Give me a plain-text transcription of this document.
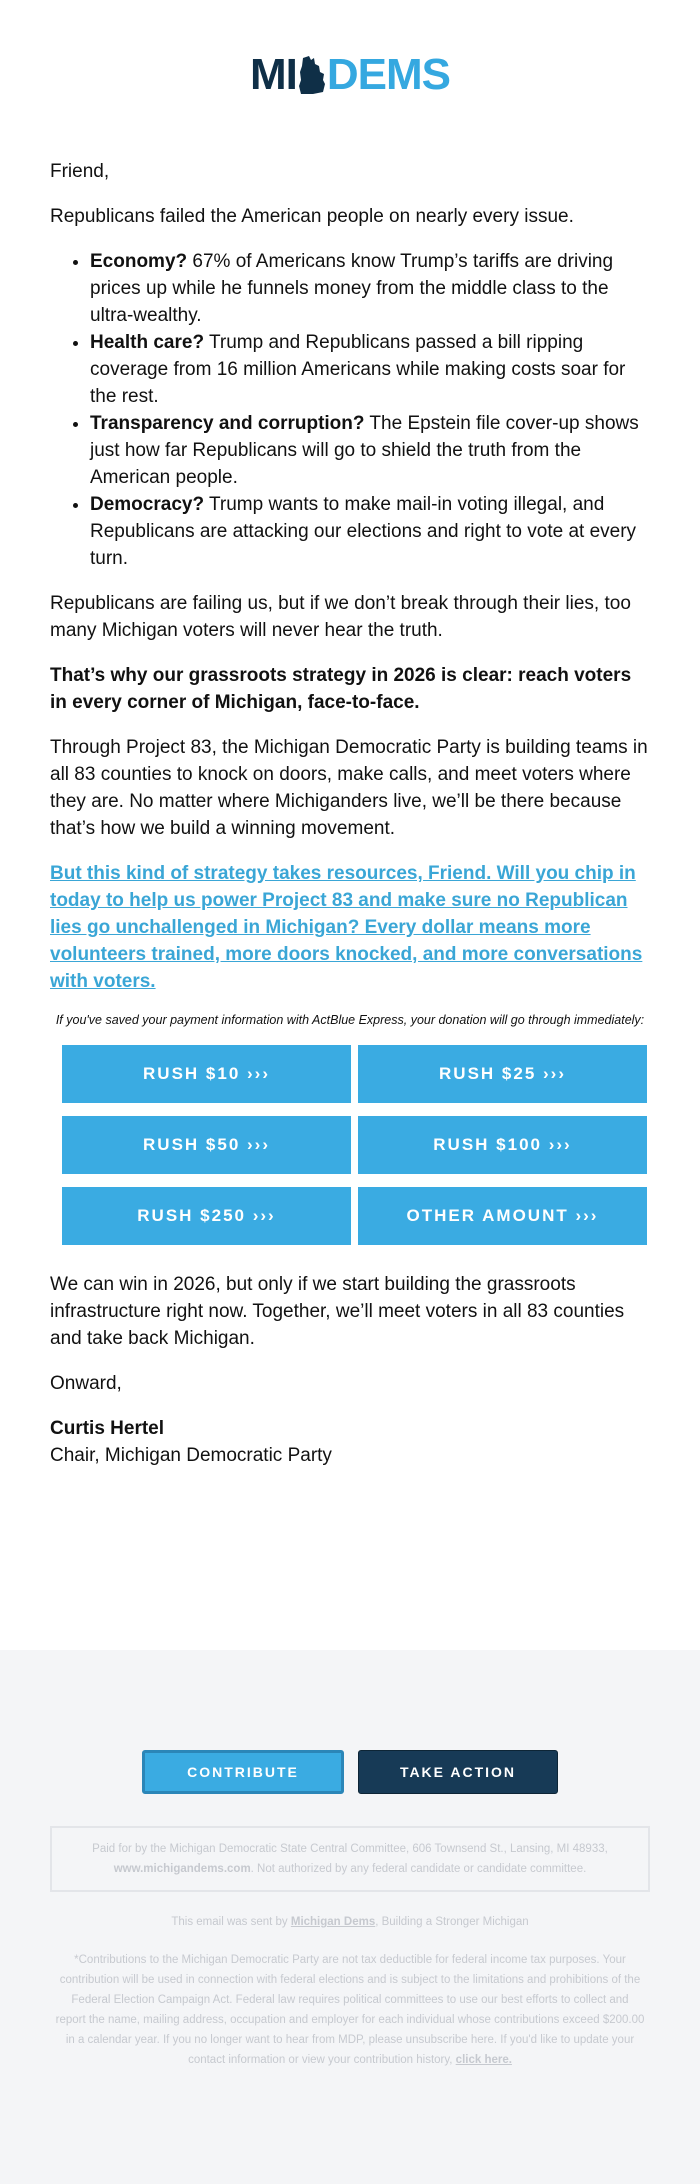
MI DEMS

Friend,

Republicans failed the American people on nearly every issue.

• Economy? 67% of Americans know Trump’s tariffs are driving prices up while he funnels money from the middle class to the ultra-wealthy.
• Health care? Trump and Republicans passed a bill ripping coverage from 16 million Americans while making costs soar for the rest.
• Transparency and corruption? The Epstein file cover-up shows just how far Republicans will go to shield the truth from the American people.
• Democracy? Trump wants to make mail-in voting illegal, and Republicans are attacking our elections and right to vote at every turn.

Republicans are failing us, but if we don’t break through their lies, too many Michigan voters will never hear the truth.

That’s why our grassroots strategy in 2026 is clear: reach voters in every corner of Michigan, face-to-face.

Through Project 83, the Michigan Democratic Party is building teams in all 83 counties to knock on doors, make calls, and meet voters where they are. No matter where Michiganders live, we’ll be there because that’s how we build a winning movement.

But this kind of strategy takes resources, Friend. Will you chip in today to help us power Project 83 and make sure no Republican lies go unchallenged in Michigan? Every dollar means more volunteers trained, more doors knocked, and more conversations with voters.

If you've saved your payment information with ActBlue Express, your donation will go through immediately:

RUSH $10 ›››	RUSH $25 ›››
RUSH $50 ›››	RUSH $100 ›››
RUSH $250 ›››	OTHER AMOUNT ›››

We can win in 2026, but only if we start building the grassroots infrastructure right now. Together, we’ll meet voters in all 83 counties and take back Michigan.

Onward,

Curtis Hertel
Chair, Michigan Democratic Party
CONTRIBUTE	TAKE ACTION
Paid for by the Michigan Democratic State Central Committee, 606 Townsend St., Lansing, MI 48933,
www.michigandems.com. Not authorized by any federal candidate or candidate committee.
This email was sent by Michigan Dems, Building a Stronger Michigan
*Contributions to the Michigan Democratic Party are not tax deductible for federal income tax purposes. Your contribution will be used in connection with federal elections and is subject to the limitations and prohibitions of the Federal Election Campaign Act. Federal law requires political committees to use our best efforts to collect and report the name, mailing address, occupation and employer for each individual whose contributions exceed $200.00 in a calendar year. If you no longer want to hear from MDP, please unsubscribe here. If you'd like to update your contact information or view your contribution history, click here.
